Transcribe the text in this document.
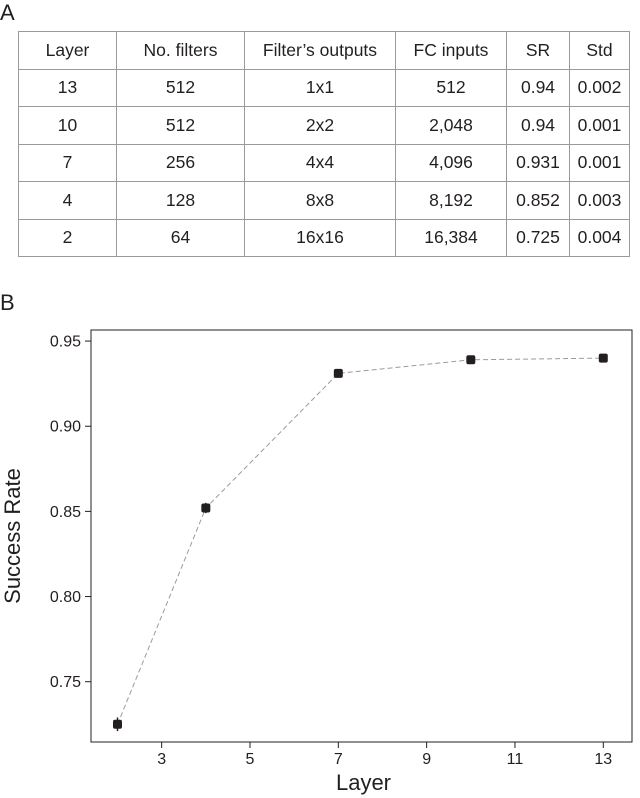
A
Layer	No. filters	Filter’s outputs	FC inputs	SR	Std
13	512	1x1	512	0.94	0.002
10	512	2x2	2,048	0.94	0.001
7	256	4x4	4,096	0.931	0.001
4	128	8x8	8,192	0.852	0.003
2	64	16x16	16,384	0.725	0.004
B
0.75
0.80
0.85
0.90
0.95
3	5	7	9	11	13
Layer
Success Rate
